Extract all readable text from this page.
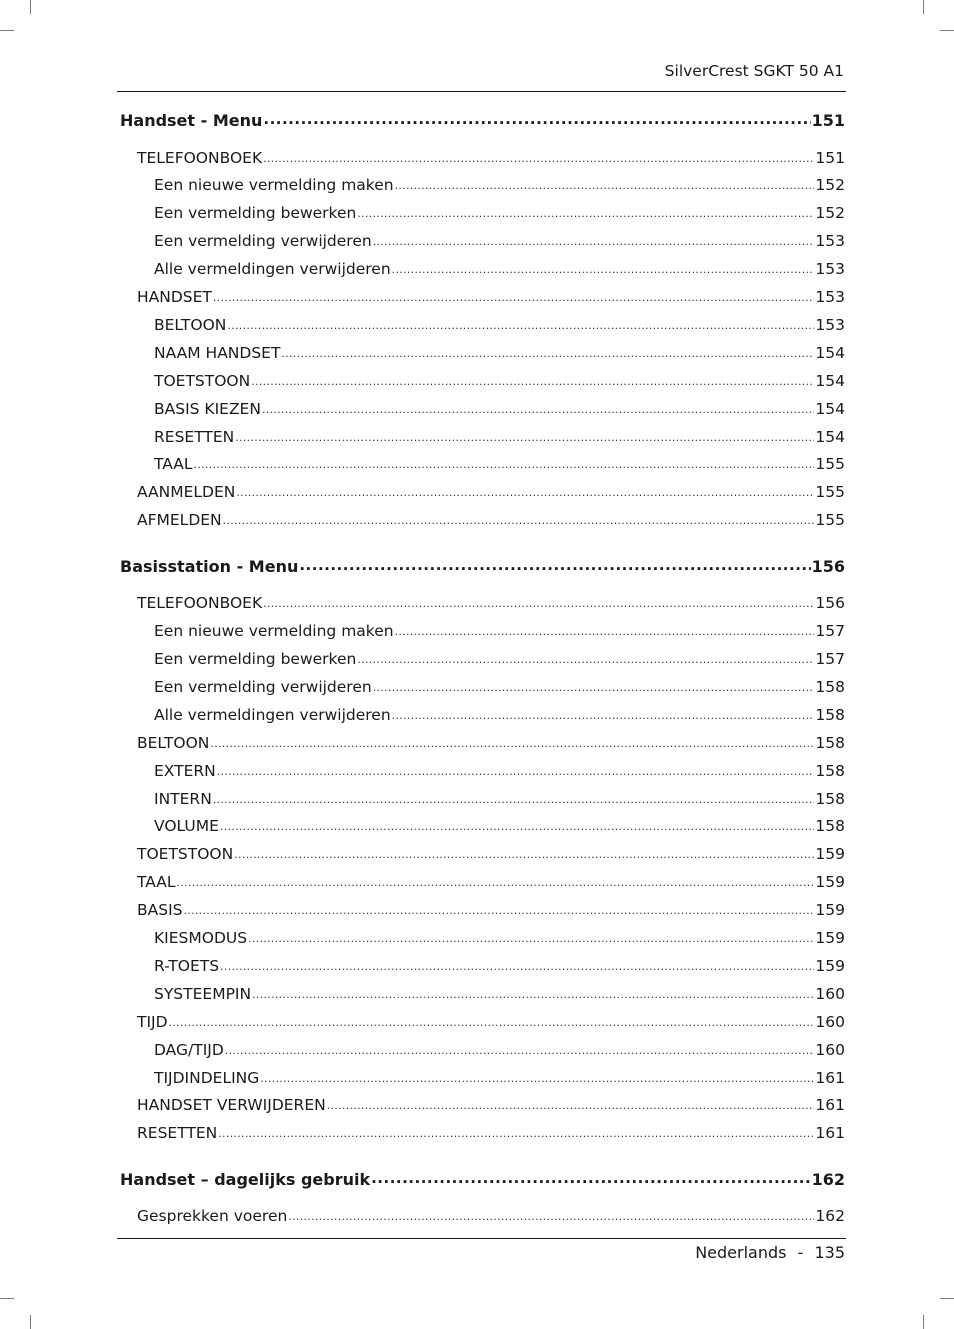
SilverCrest SGKT 50 A1
Handset - Menu .....	151
TELEFOONBOEK .....	151
Een nieuwe vermelding maken .....	152
Een vermelding bewerken .....	152
Een vermelding verwijderen .....	153
Alle vermeldingen verwijderen .....	153
HANDSET .....	153
BELTOON .....	153
NAAM HANDSET .....	154
TOETSTOON .....	154
BASIS KIEZEN .....	154
RESETTEN .....	154
TAAL .....	155
AANMELDEN .....	155
AFMELDEN .....	155
Basisstation - Menu .....	156
TELEFOONBOEK .....	156
Een nieuwe vermelding maken .....	157
Een vermelding bewerken .....	157
Een vermelding verwijderen .....	158
Alle vermeldingen verwijderen .....	158
BELTOON .....	158
EXTERN .....	158
INTERN .....	158
VOLUME .....	158
TOETSTOON .....	159
TAAL .....	159
BASIS .....	159
KIESMODUS .....	159
R-TOETS .....	159
SYSTEEMPIN .....	160
TIJD .....	160
DAG/TIJD .....	160
TIJDINDELING .....	161
HANDSET VERWIJDEREN .....	161
RESETTEN .....	161
Handset – dagelijks gebruik .....	162
Gesprekken voeren .....	162
Nederlands - 135
